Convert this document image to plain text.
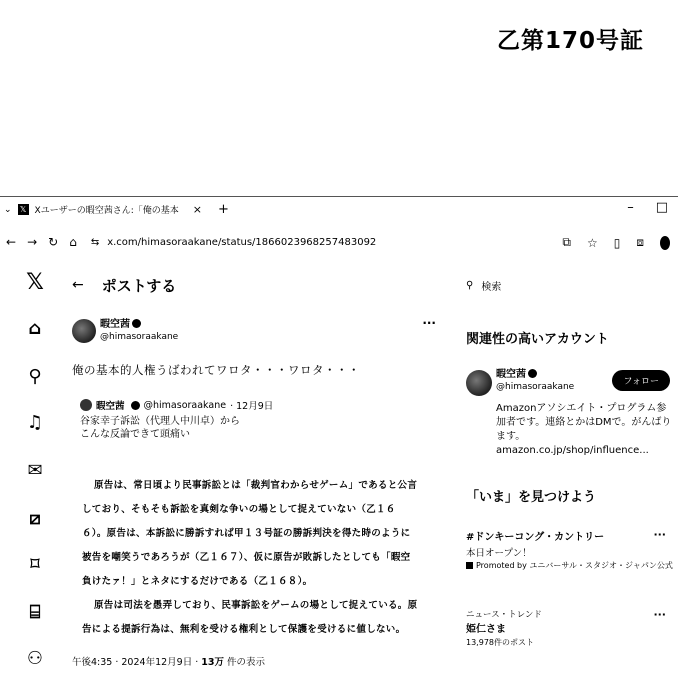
乙第170号証
⌄ 𝕏 Xユーザーの暇空茜さん:「俺の基本 × +	– □
← → ↻ ⌂ ⇆ x.com/himasoraakane/status/1866023968257483092	⧉ ☆ ▯ ⧈
𝕏
⌂
⚲
♫
✉
⧄
⌑
⌸
⚇
← ポストする
暇空茜
@himasoraakane
···
俺の基本的人権うばわれてワロタ・・・ワロタ・・・
暇空茜 @himasoraakane · 12月9日
谷家幸子訴訟（代理人中川卓）から
こんな反論できて頭痛い

原告は、常日頃より民事訴訟とは「裁判官わからせゲーム」であると公言

しており、そもそも訴訟を真剣な争いの場として捉えていない（乙１６

６）。原告は、本訴訟に勝訴すれば甲１３号証の勝訴判決を得た時のように

被告を嘲笑うであろうが（乙１６７）、仮に原告が敗訴したとしても「暇空

負けたァ！」とネタにするだけである（乙１６８）。

原告は司法を愚弄しており、民事訴訟をゲームの場として捉えている。原

告による提訴行為は、無利を受ける権利として保護を受けるに値しない。

午後4:35 · 2024年12月9日 · 13万 件の表示
⚲ 検索
関連性の高いアカウント
暇空茜
@himasoraakane	フォロー
Amazonアソシエイト・プログラム参加者です。連絡とかはDMで。がんばります。amazon.co.jp/shop/influence...
「いま」を見つけよう
#ドンキーコング・カントリー
本日オープン！
Promoted by ユニバーサル・スタジオ・ジャパン公式
···
ニュース・トレンド
姫仁さま
13,978件のポスト
···
